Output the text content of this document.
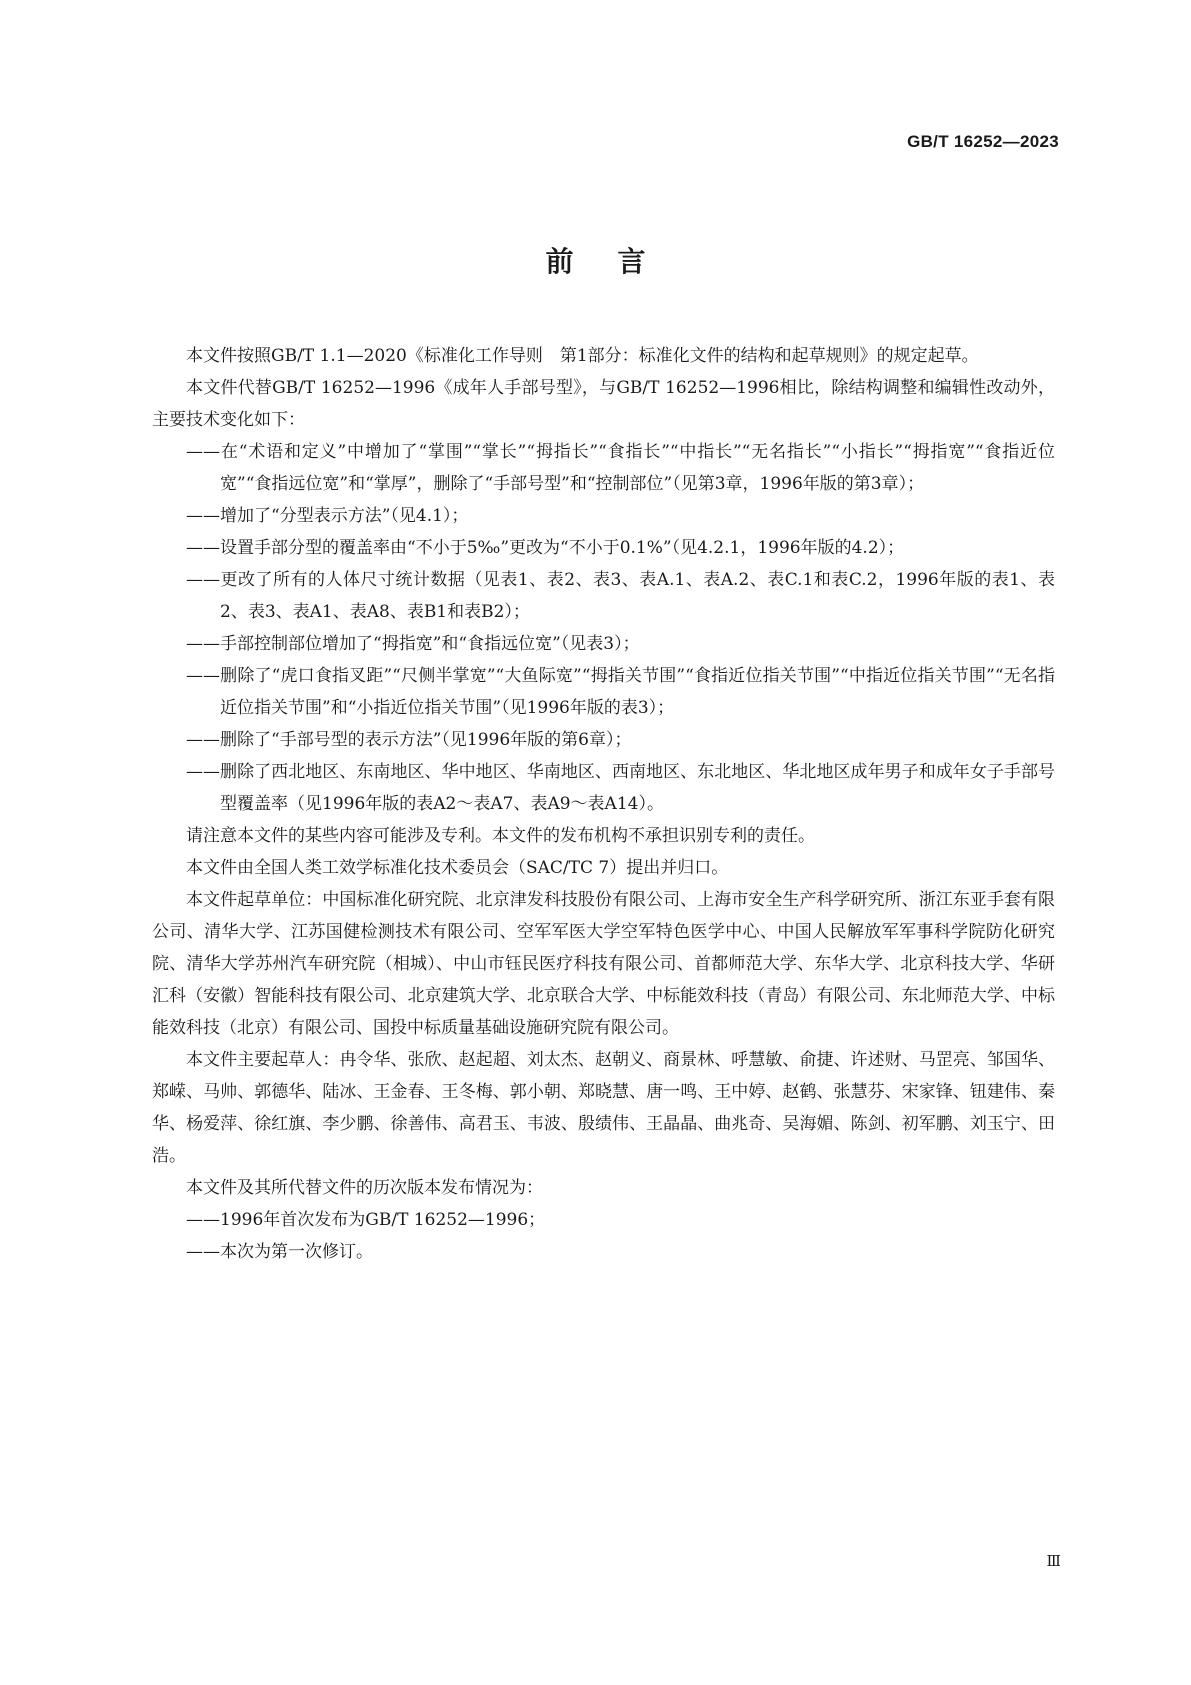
GB/T 16252—2023
前言

本文件按照GB/T 1.1—2020《标准化工作导则　第1部分：标准化文件的结构和起草规则》的规定起草。

本文件代替GB/T 16252—1996《成年人手部号型》，与GB/T 16252—1996相比，除结构调整和编辑性改动外，主要技术变化如下：

——在“术语和定义”中增加了“掌围”“掌长”“拇指长”“食指长”“中指长”“无名指长”“小指长”“拇指宽”“食指近位宽”“食指远位宽”和“掌厚”，删除了“手部号型”和“控制部位”（见第3章，1996年版的第3章）；

——增加了“分型表示方法”（见4.1）；

——设置手部分型的覆盖率由“不小于5‰”更改为“不小于0.1%”（见4.2.1，1996年版的4.2）；

——更改了所有的人体尺寸统计数据（见表1、表2、表3、表A.1、表A.2、表C.1和表C.2，1996年版的表1、表2、表3、表A1、表A8、表B1和表B2）；

——手部控制部位增加了“拇指宽”和“食指远位宽”（见表3）；

——删除了“虎口食指叉距”“尺侧半掌宽”“大鱼际宽”“拇指关节围”“食指近位指关节围”“中指近位指关节围”“无名指近位指关节围”和“小指近位指关节围”（见1996年版的表3）；

——删除了“手部号型的表示方法”（见1996年版的第6章）；

——删除了西北地区、东南地区、华中地区、华南地区、西南地区、东北地区、华北地区成年男子和成年女子手部号型覆盖率（见1996年版的表A2～表A7、表A9～表A14）。

请注意本文件的某些内容可能涉及专利。本文件的发布机构不承担识别专利的责任。

本文件由全国人类工效学标准化技术委员会（SAC/TC 7）提出并归口。

本文件起草单位：中国标准化研究院、北京津发科技股份有限公司、上海市安全生产科学研究所、浙江东亚手套有限公司、清华大学、江苏国健检测技术有限公司、空军军医大学空军特色医学中心、中国人民解放军军事科学院防化研究院、清华大学苏州汽车研究院（相城）、中山市钰民医疗科技有限公司、首都师范大学、东华大学、北京科技大学、华研汇科（安徽）智能科技有限公司、北京建筑大学、北京联合大学、中标能效科技（青岛）有限公司、东北师范大学、中标能效科技（北京）有限公司、国投中标质量基础设施研究院有限公司。

本文件主要起草人：冉令华、张欣、赵起超、刘太杰、赵朝义、商景林、呼慧敏、俞捷、许述财、马罡亮、邹国华、郑嵘、马帅、郭德华、陆冰、王金春、王冬梅、郭小朝、郑晓慧、唐一鸣、王中婷、赵鹤、张慧芬、宋家锋、钮建伟、秦华、杨爱萍、徐红旗、李少鹏、徐善伟、高君玉、韦波、殷绩伟、王晶晶、曲兆奇、吴海媚、陈剑、初军鹏、刘玉宁、田浩。

本文件及其所代替文件的历次版本发布情况为：

——1996年首次发布为GB/T 16252—1996；

——本次为第一次修订。

Ⅲ
